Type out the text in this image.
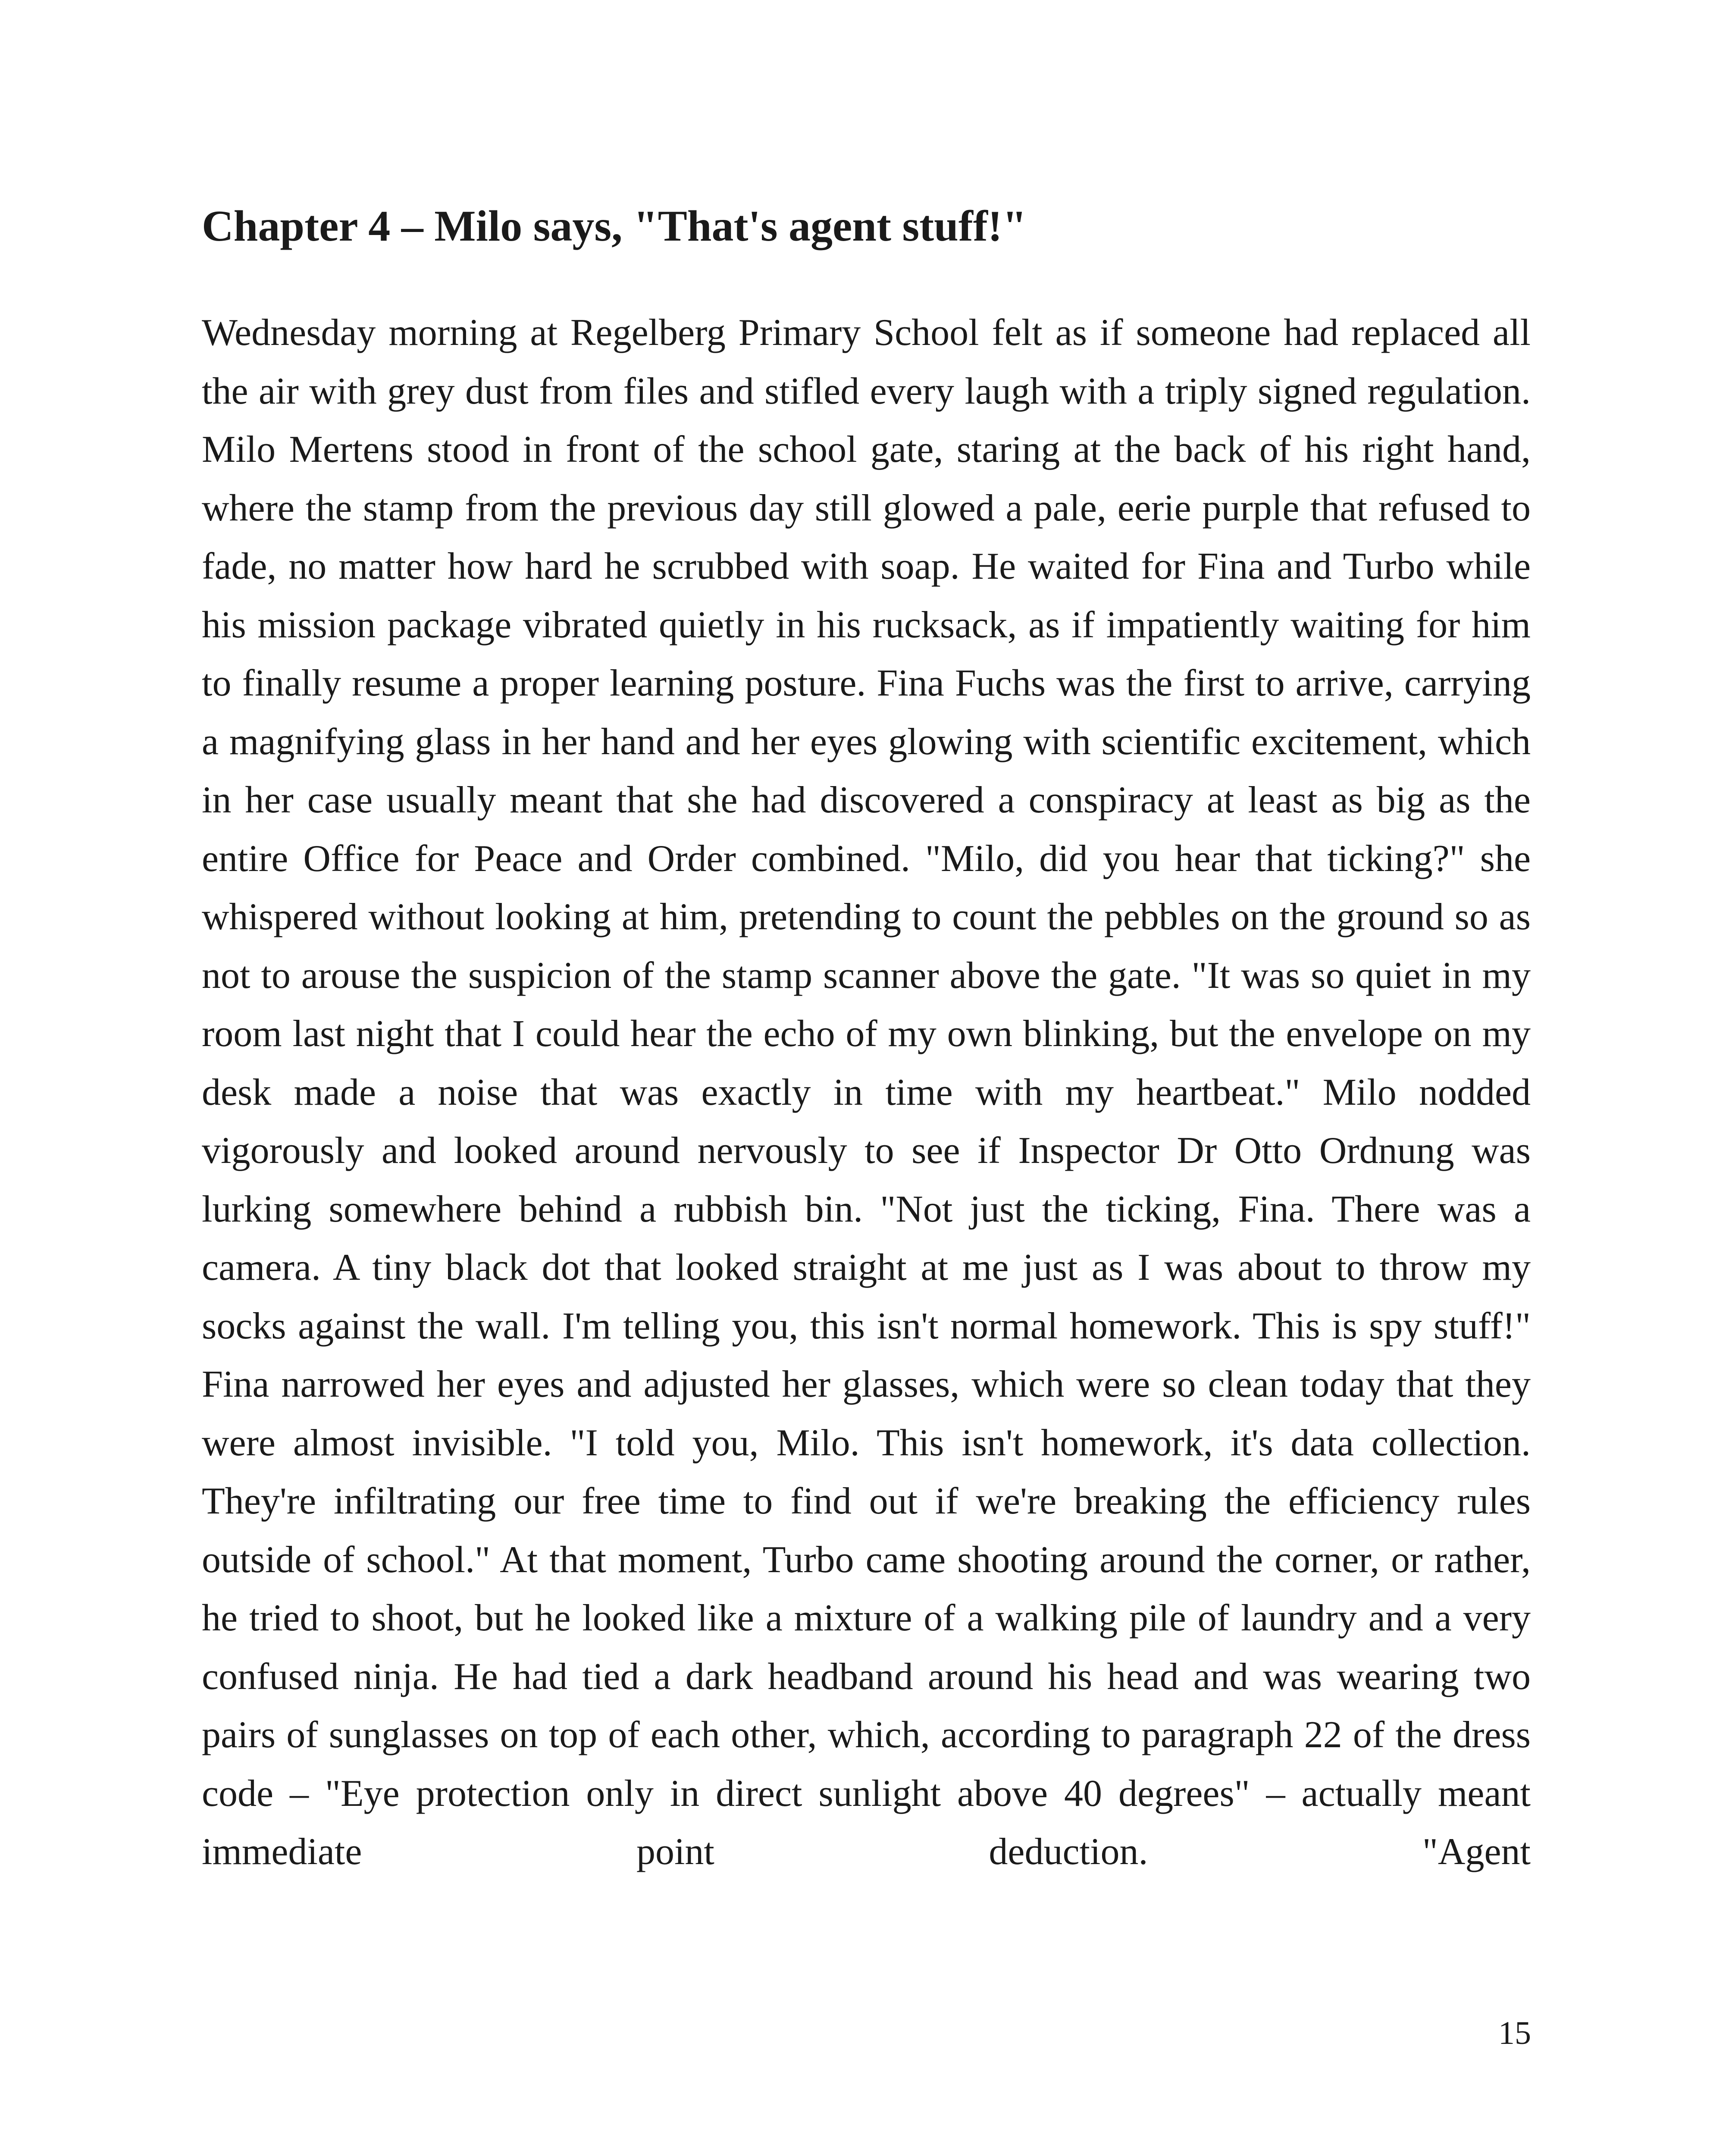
Chapter 4 – Milo says, "That's agent stuff!"

Wednesday morning at Regelberg Primary School felt as if someone had replaced all the air with grey dust from files and stifled every laugh with a triply signed regulation. Milo Mertens stood in front of the school gate, staring at the back of his right hand, where the stamp from the previous day still glowed a pale, eerie purple that refused to fade, no matter how hard he scrubbed with soap. He waited for Fina and Turbo while his mission package vibrated quietly in his rucksack, as if impatiently waiting for him to finally resume a proper learning posture. Fina Fuchs was the first to arrive, carrying a magnifying glass in her hand and her eyes glowing with scientific excitement, which in her case usually meant that she had discovered a conspiracy at least as big as the entire Office for Peace and Order combined. "Milo, did you hear that ticking?" she whispered without looking at him, pretending to count the pebbles on the ground so as not to arouse the suspicion of the stamp scanner above the gate. "It was so quiet in my room last night that I could hear the echo of my own blinking, but the envelope on my desk made a noise that was exactly in time with my heartbeat." Milo nodded vigorously and looked around nervously to see if Inspector Dr Otto Ordnung was lurking somewhere behind a rubbish bin. "Not just the ticking, Fina. There was a camera. A tiny black dot that looked straight at me just as I was about to throw my socks against the wall. I'm telling you, this isn't normal homework. This is spy stuff!" Fina narrowed her eyes and adjusted her glasses, which were so clean today that they were almost invisible. "I told you, Milo. This isn't homework, it's data collection. They're infiltrating our free time to find out if we're breaking the efficiency rules outside of school." At that moment, Turbo came shooting around the corner, or rather, he tried to shoot, but he looked like a mixture of a walking pile of laundry and a very confused ninja. He had tied a dark headband around his head and was wearing two pairs of sunglasses on top of each other, which, according to paragraph 22 of the dress code – "Eye protection only in direct sunlight above 40 degrees" – actually meant immediate point deduction. "Agent

15
